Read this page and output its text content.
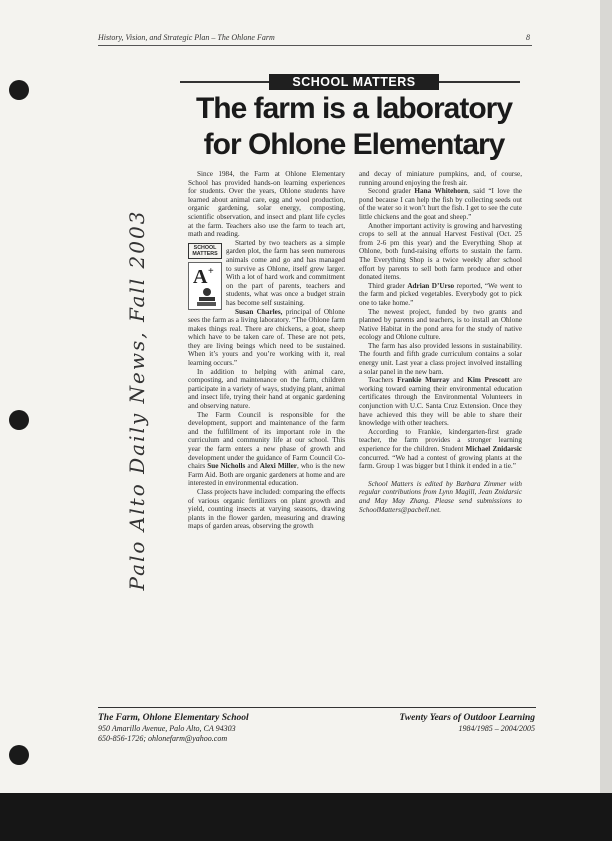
History, Vision, and Strategic Plan – The Ohlone Farm	8
SCHOOL MATTERS
The farm is a laboratory
for Ohlone Elementary

Since 1984, the Farm at Ohlone Elementary School has provided hands-on learning experiences for students. Over the years, Ohlone students have learned about animal care, egg and wool production, organic gardening, solar energy, composting, scientific observation, and insect and plant life cycles at the farm. Teachers also use the farm to teach art, math and reading.

SCHOOL MATTERS
A +

Started by two teachers as a simple garden plot, the farm has seen numerous animals come and go and has managed to survive as Ohlone, itself grew larger. With a lot of hard work and commitment on the part of parents, teachers and students, what was once a budget strain has become self sustaining.

Susan Charles, principal of Ohlone sees the farm as a living laboratory. “The Ohlone farm makes things real. There are chickens, a goat, sheep which have to be taken care of. These are not pets, they are living beings which need to be sustained. When it’s yours and you’re working with it, real learning occurs.”

In addition to helping with animal care, composting, and maintenance on the farm, children participate in a variety of ways, studying plant, animal and insect life, trying their hand at organic gardening and observing nature.

The Farm Council is responsible for the development, support and maintenance of the farm and the fulfillment of its important role in the curriculum and community life at our school. This year the farm enters a new phase of growth and development under the guidance of Farm Council Co-chairs Sue Nicholls and Alexi Miller, who is the new Farm Aid. Both are organic gardeners at home and are interested in environmental education.

Class projects have included: comparing the effects of various organic fertilizers on plant growth and yield, counting insects at varying seasons, drawing plants in the flower garden, measuring and drawing maps of garden areas, observing the growth

and decay of miniature pumpkins, and, of course, running around enjoying the fresh air.

Second grader Hana Whitehorn, said “I love the pond because I can help the fish by collecting seeds out of the water so it won’t hurt the fish. I get to see the cute little chickens and the goat and sheep.”

Another important activity is growing and harvesting crops to sell at the annual Harvest Festival (Oct. 25 from 2-6 pm this year) and the Everything Shop at Ohlone, both fund-raising efforts to sustain the farm. The Everything Shop is a twice weekly after school effort by parents to sell both farm produce and other donated items.

Third grader Adrian D’Urso reported, “We went to the farm and picked vegetables. Everybody got to pick one to take home.”

The newest project, funded by two grants and planned by parents and teachers, is to install an Ohlone Native Habitat in the pond area for the study of native ecology and Ohlone culture.

The farm has also provided lessons in sustainability. The fourth and fifth grade curriculum contains a solar energy unit. Last year a class project involved installing a solar panel in the new barn.

Teachers Frankie Murray and Kim Prescott are working toward earning their environmental education certificates through the Environmental Volunteers in conjunction with U.C. Santa Cruz Extension. Once they have achieved this they will be able to share their knowledge with other teachers.

According to Frankie, kindergarten-first grade teacher, the farm provides a stronger learning experience for the children. Student Michael Znidarsic concurred. “We had a contest of growing plants at the farm. Group 1 was bigger but I think it ended in a tie.”

School Matters is edited by Barbara Zimmer with regular contributions from Lynn Magill, Jean Znidarsic and May May Zhang. Please send submissions to SchoolMatters@pacbell.net.

Palo Alto Daily News, Fall 2003
The Farm, Ohlone Elementary School
950 Amarillo Avenue, Palo Alto, CA 94303
650-856-1726; ohlonefarm@yahoo.com
Twenty Years of Outdoor Learning
1984/1985 – 2004/2005
